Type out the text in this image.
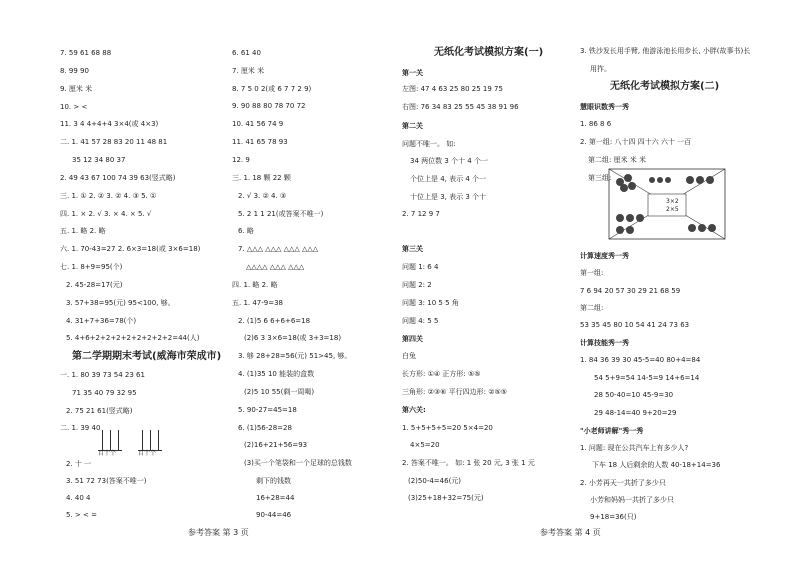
7. 59 61 68 88
8. 99 90
9. 厘米 米
10. > <
11. 3 4 4+4+4 3×4(或 4×3)
二. 1. 41 57 28 83 20 11 48 81
35 12 34 80 37
2. 49 43 67 100 74 39 63(竖式略)
三. 1. ① 2. ② 3. ② 4. ③ 5. ①
四. 1. × 2. √ 3. × 4. × 5. √
五. 1. 略 2. 略
六. 1. 70-43=27 2. 6×3=18(或 3×6=18)
七. 1. 8+9=95(个)
2. 45-28=17(元)
3. 57+38=95(元) 95<100, 够。
4. 31+7+36=78(个)
5. 4+6+2+2+2+2+2+2+2+2=44(人)
第二学期期末考试(威海市荣成市)
一. 1. 80 39 73 54 23 61
71 35 40 79 32 95
2. 75 21 61(竖式略)
二. 1. 39 40
百十个	百十个
2. 十 一
3. 51 72 73(答案不唯一)
4. 40 4
5. > < =
6. 61 40
7. 厘米 米
8. 7 5 0 2(或 6 7 7 2 9)
9. 90 88 80 78 70 72
10. 41 56 74 9
11. 41 65 78 93
12. 9
三. 1. 18 颗 22 颗
2. √ 3. ② 4. ③
5. 2 1 1 21(或答案不唯一)
6. 略
7. △△△ △△△ △△△ △△△
△△△△ △△△ △△△
四. 1. 略 2. 略
五. 1. 47-9=38
2. (1)5 6 6+6+6=18
(2)6 3 3×6=18(或 3+3=18)
3. 够 28+28=56(元) 51>45, 够。
4. (1)35 10 能装的盒数
(2)5 10 55(剩一周喝)
5. 90-27=45=18
6. (1)56-28=28
(2)16+21+56=93
(3)买一个笔袋和一个足球的总钱数
剩下的钱数
16+28=44
90-44=46
无纸化考试模拟方案(一)
第一关
左图: 47 4 63 25 80 25 19 75
右图: 76 34 83 25 55 45 38 91 96
第二关
问题不唯一。 如:
34 两位数 3 个十 4 个一
个位上是 4, 表示 4 个一
十位上是 3, 表示 3 个十
2. 7 12 9 7
第三关
问题 1: 6 4
问题 2: 2
问题 3: 10 5 5 角
问题 4: 5 5
第四关
白兔
长方形: ①④ 正方形: ⑤⑤
三角形: ②③⑥ 平行四边形: ②⑤⑤
第六关:
1. 5+5+5+5=20 5×4=20
4×5=20
2. 答案不唯一。 如: 1 张 20 元, 3 张 1 元
(2)50-4=46(元)
(3)25+18+32=75(元)
3. 铁沙发长用手臂, 他游泳池长用步长, 小胖(故事书)长
用拃。
无纸化考试模拟方案(二)
慧眼识数秀一秀
1. 86 8 6
2. 第一组: 八十四 四十六 六十 一百
第二组: 厘米 米 米
第三组:
3×2
2×5
计算速度秀一秀
第一组:
7 6 94 20 57 30 29 21 68 59
第二组:
53 35 45 80 10 54 41 24 73 63
计算技能秀一秀
1. 84 36 39 30 45-5=40 80+4=84
54 5+9=54 14-5=9 14+6=14
28 50-40=10 45-9=30
29 48-14=40 9+20=29
"小老师讲解"秀一秀
1. 问题: 现在公共汽车上有多少人?
下车 18 人后剩余的人数 40-18+14=36
2. 小芳再天一共折了多少只
小芳和妈妈一共折了多少只
9+18=36(只)
参考答案 第 3 页	参考答案 第 4 页
